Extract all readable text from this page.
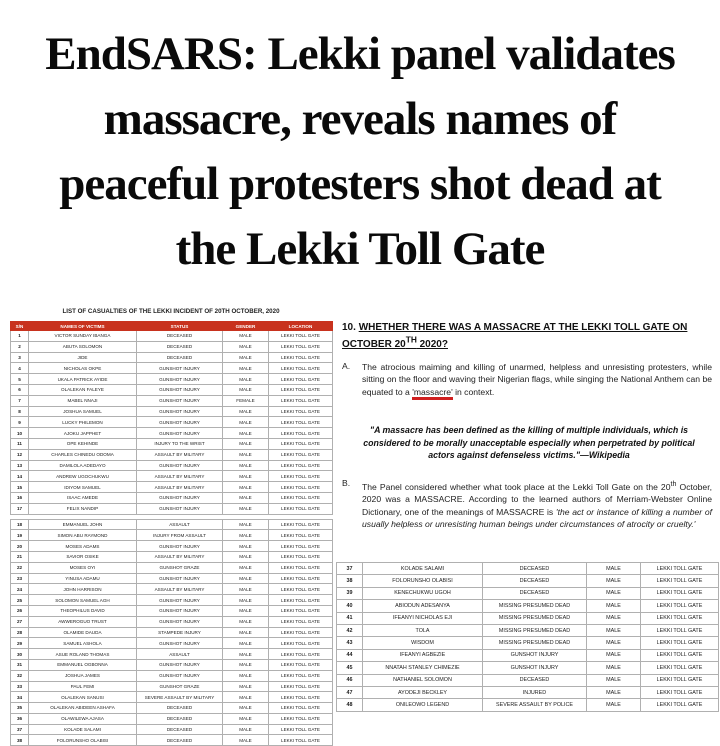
EndSARS: Lekki panel validates
massacre, reveals names of
peaceful protesters shot dead at
the Lekki Toll Gate
LIST OF CASUALTIES OF THE LEKKI INCIDENT OF 20TH OCTOBER, 2020
S/N	NAMES OF VICTIMS	STATUS	GENDER	LOCATION
1	VICTOR SUNDAY IBANGA	DECEASED	MALE	LEKKI TOLL GATE
2	ABUTA SOLOMON	DECEASED	MALE	LEKKI TOLL GATE
3	JIDE	DECEASED	MALE	LEKKI TOLL GATE
4	NICHOLAS OKPE	GUNSHOT INJURY	MALE	LEKKI TOLL GATE
5	UKALA PATRICK AYIDE	GUNSHOT INJURY	MALE	LEKKI TOLL GATE
6	OLALEKAN FALEYE	GUNSHOT INJURY	MALE	LEKKI TOLL GATE
7	MABEL NNAJI	GUNSHOT INJURY	FEMALE	LEKKI TOLL GATE
8	JOSHUA SAMUEL	GUNSHOT INJURY	MALE	LEKKI TOLL GATE
9	LUCKY PHILEMON	GUNSHOT INJURY	MALE	LEKKI TOLL GATE
10	AJOKU JAPPHET	GUNSHOT INJURY	MALE	LEKKI TOLL GATE
11	OPE KEHINDE	INJURY TO THE WRIST	MALE	LEKKI TOLL GATE
12	CHARLES CHINEDU ODOMA	ASSAULT BY MILITARY	MALE	LEKKI TOLL GATE
13	DAMILOLA ADEDAYO	GUNSHOT INJURY	MALE	LEKKI TOLL GATE
14	ANDREW UGOCHUKWU	ASSAULT BY MILITARY	MALE	LEKKI TOLL GATE
15	IDIYOM SAMUEL	ASSAULT BY MILITARY	MALE	LEKKI TOLL GATE
16	ISAAC AMEDE	GUNSHOT INJURY	MALE	LEKKI TOLL GATE
17	FELIX NANDIP	GUNSHOT INJURY	MALE	LEKKI TOLL GATE

18	EMMANUEL JOHN	ASSAULT	MALE	LEKKI TOLL GATE
19	SIMON ABU RAYMOND	INJURY FROM ASSAULT	MALE	LEKKI TOLL GATE
20	MOSES ADAMS	GUNSHOT INJURY	MALE	LEKKI TOLL GATE
21	SAVIOR OSIKE	ASSAULT BY MILITARY	MALE	LEKKI TOLL GATE
22	MOSES OYI	GUNSHOT GRAZE	MALE	LEKKI TOLL GATE
23	YINUSA ADAMU	GUNSHOT INJURY	MALE	LEKKI TOLL GATE
24	JOHN HARRISON	ASSAULT BY MILITARY	MALE	LEKKI TOLL GATE
25	SOLOMON SAMUEL AGH	GUNSHOT INJURY	MALE	LEKKI TOLL GATE
26	THEOPHILUS DAVID	GUNSHOT INJURY	MALE	LEKKI TOLL GATE
27	AWWEROGUO TRUST	GUNSHOT INJURY	MALE	LEKKI TOLL GATE
28	OLAMIDE DAUDA	STAMPEDE INJURY	MALE	LEKKI TOLL GATE
29	SAMUEL ASHOLA	GUNSHOT INJURY	MALE	LEKKI TOLL GATE
30	ASUE ROLAND THOMAS	ASSAULT	MALE	LEKKI TOLL GATE
31	EMMANUEL OGBONNA	GUNSHOT INJURY	MALE	LEKKI TOLL GATE
32	JOSHUA JAMES	GUNSHOT INJURY	MALE	LEKKI TOLL GATE
33	PAUL FEMI	GUNSHOT GRAZE	MALE	LEKKI TOLL GATE
34	OLALEKAN SANUSI	SEVERE ASSAULT BY MILITARY	MALE	LEKKI TOLL GATE
35	OLALEKAN ABIDEEN ASHAFA	DECEASED	MALE	LEKKI TOLL GATE
36	OLAWILEWA AJASA	DECEASED	MALE	LEKKI TOLL GATE
37	KOLADE SALAMI	DECEASED	MALE	LEKKI TOLL GATE
38	FOLORUNSHO OLABISI	DECEASED	MALE	LEKKI TOLL GATE
10. WHETHER THERE WAS A MASSACRE AT THE LEKKI TOLL GATE ON OCTOBER 20TH 2020?
A. The atrocious maiming and killing of unarmed, helpless and unresisting protesters, while sitting on the floor and waving their Nigerian flags, while singing the National Anthem can be equated to a 'massacre' in context.
"A massacre has been defined as the killing of multiple individuals, which is considered to be morally unacceptable especially when perpetrated by political actors against defenseless victims."—Wikipedia
B. The Panel considered whether what took place at the Lekki Toll Gate on the 20th October, 2020 was a MASSACRE. According to the learned authors of Merriam-Webster Online Dictionary, one of the meanings of MASSACRE is 'the act or instance of killing a number of usually helpless or unresisting human beings under circumstances of atrocity or cruelty.'
37	KOLADE SALAMI	DECEASED	MALE	LEKKI TOLL GATE
38	FOLORUNSHO OLABISI	DECEASED	MALE	LEKKI TOLL GATE
39	KENECHUKWU UGOH	DECEASED	MALE	LEKKI TOLL GATE
40	ABIODUN ADESANYA	MISSING PRESUMED DEAD	MALE	LEKKI TOLL GATE
41	IFEANYI NICHOLAS EJI	MISSING PRESUMED DEAD	MALE	LEKKI TOLL GATE
42	TOLA	MISSING PRESUMED DEAD	MALE	LEKKI TOLL GATE
43	WISDOM	MISSING PRESUMED DEAD	MALE	LEKKI TOLL GATE
44	IFEANYI AGBEZIE	GUNSHOT INJURY	MALE	LEKKI TOLL GATE
45	NNATAH STANLEY CHIMEZIE	GUNSHOT INJURY	MALE	LEKKI TOLL GATE
46	NATHANIEL SOLOMON	DECEASED	MALE	LEKKI TOLL GATE
47	AYODEJI BECKLEY	INJURED	MALE	LEKKI TOLL GATE
48	ONILEOWO LEGEND	SEVERE ASSAULT BY POLICE	MALE	LEKKI TOLL GATE
